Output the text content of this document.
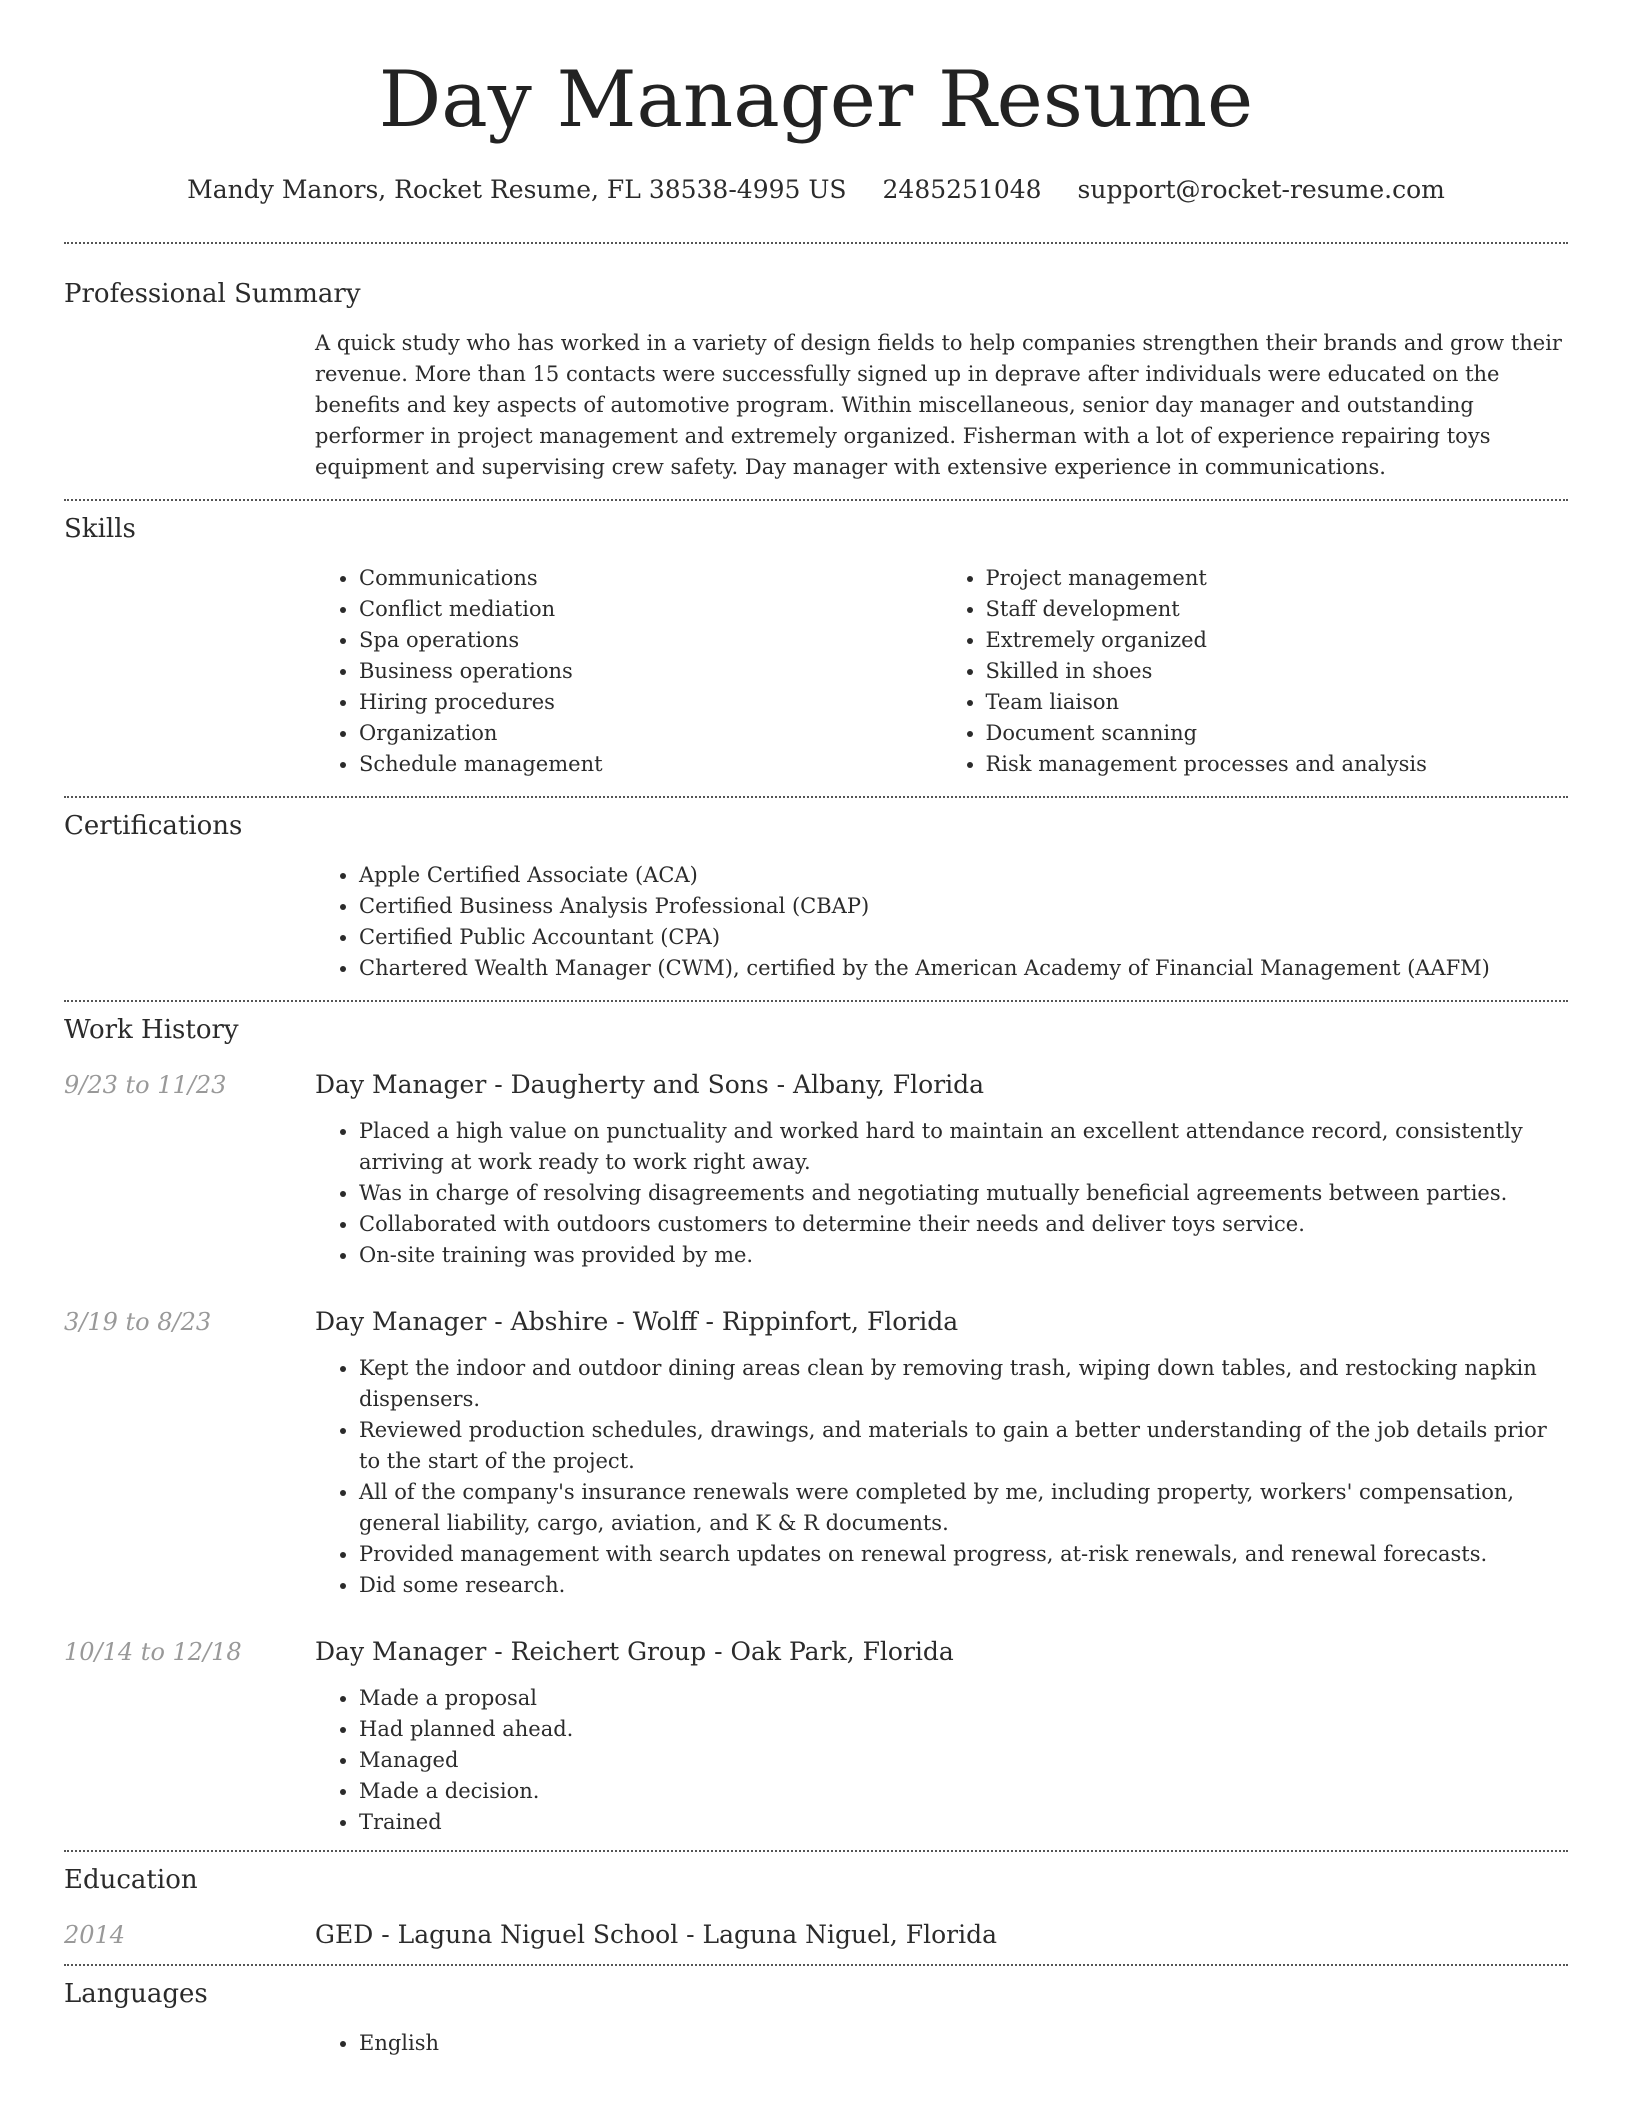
Day Manager Resume
Mandy Manors, Rocket Resume, FL 38538-4995 US 2485251048 support@rocket-resume.com
Professional Summary
A quick study who has worked in a variety of design fields to help companies strengthen their brands and grow their revenue. More than 15 contacts were successfully signed up in deprave after individuals were educated on the benefits and key aspects of automotive program. Within miscellaneous, senior day manager and outstanding performer in project management and extremely organized. Fisherman with a lot of experience repairing toys equipment and supervising crew safety. Day manager with extensive experience in communications.
Skills
• Communications
• Conflict mediation
• Spa operations
• Business operations
• Hiring procedures
• Organization
• Schedule management
• Project management
• Staff development
• Extremely organized
• Skilled in shoes
• Team liaison
• Document scanning
• Risk management processes and analysis
Certifications
• Apple Certified Associate (ACA)
• Certified Business Analysis Professional (CBAP)
• Certified Public Accountant (CPA)
• Chartered Wealth Manager (CWM), certified by the American Academy of Financial Management (AAFM)
Work History
9/23 to 11/23	Day Manager - Daugherty and Sons - Albany, Florida
• Placed a high value on punctuality and worked hard to maintain an excellent attendance record, consistently arriving at work ready to work right away.
• Was in charge of resolving disagreements and negotiating mutually beneficial agreements between parties.
• Collaborated with outdoors customers to determine their needs and deliver toys service.
• On-site training was provided by me.
3/19 to 8/23	Day Manager - Abshire - Wolff - Rippinfort, Florida
• Kept the indoor and outdoor dining areas clean by removing trash, wiping down tables, and restocking napkin dispensers.
• Reviewed production schedules, drawings, and materials to gain a better understanding of the job details prior to the start of the project.
• All of the company's insurance renewals were completed by me, including property, workers' compensation, general liability, cargo, aviation, and K & R documents.
• Provided management with search updates on renewal progress, at-risk renewals, and renewal forecasts.
• Did some research.
10/14 to 12/18	Day Manager - Reichert Group - Oak Park, Florida
• Made a proposal
• Had planned ahead.
• Managed
• Made a decision.
• Trained
Education
2014	GED - Laguna Niguel School - Laguna Niguel, Florida
Languages
• English
